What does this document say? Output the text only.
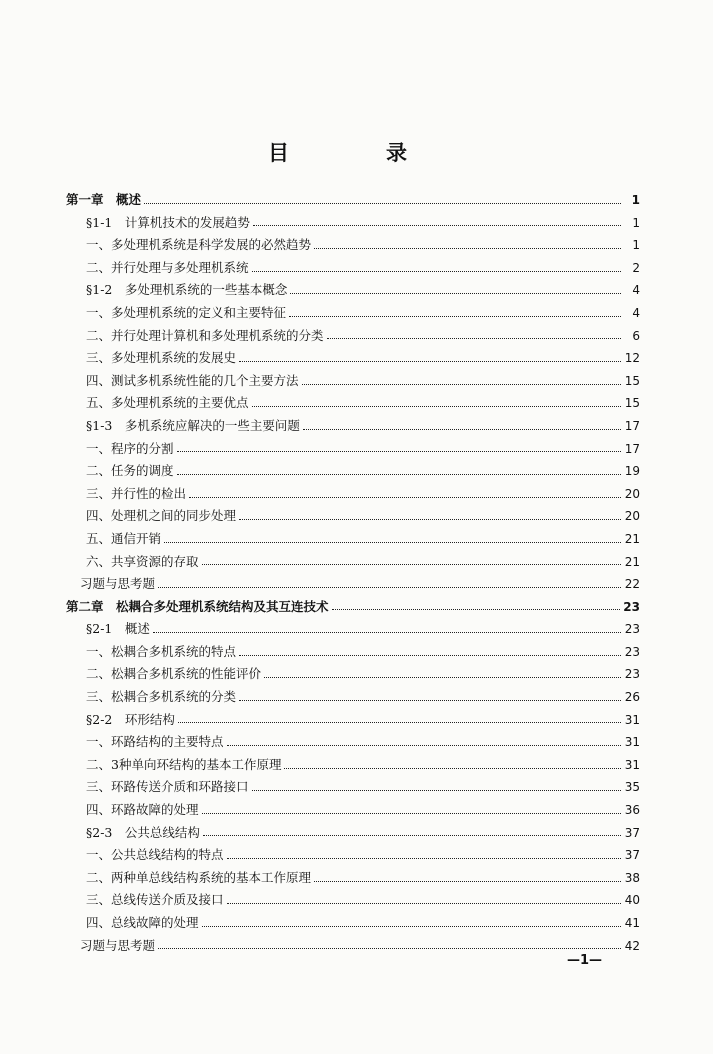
目　录
第一章　概述	1
§1-1　计算机技术的发展趋势	1
一、多处理机系统是科学发展的必然趋势	1
二、并行处理与多处理机系统	2
§1-2　多处理机系统的一些基本概念	4
一、多处理机系统的定义和主要特征	4
二、并行处理计算机和多处理机系统的分类	6
三、多处理机系统的发展史	12
四、测试多机系统性能的几个主要方法	15
五、多处理机系统的主要优点	15
§1-3　多机系统应解决的一些主要问题	17
一、程序的分割	17
二、任务的调度	19
三、并行性的检出	20
四、处理机之间的同步处理	20
五、通信开销	21
六、共享资源的存取	21
习题与思考题	22
第二章　松耦合多处理机系统结构及其互连技术	23
§2-1　概述	23
一、松耦合多机系统的特点	23
二、松耦合多机系统的性能评价	23
三、松耦合多机系统的分类	26
§2-2　环形结构	31
一、环路结构的主要特点	31
二、3种单向环结构的基本工作原理	31
三、环路传送介质和环路接口	35
四、环路故障的处理	36
§2-3　公共总线结构	37
一、公共总线结构的特点	37
二、两种单总线结构系统的基本工作原理	38
三、总线传送介质及接口	40
四、总线故障的处理	41
习题与思考题	42
—1—
